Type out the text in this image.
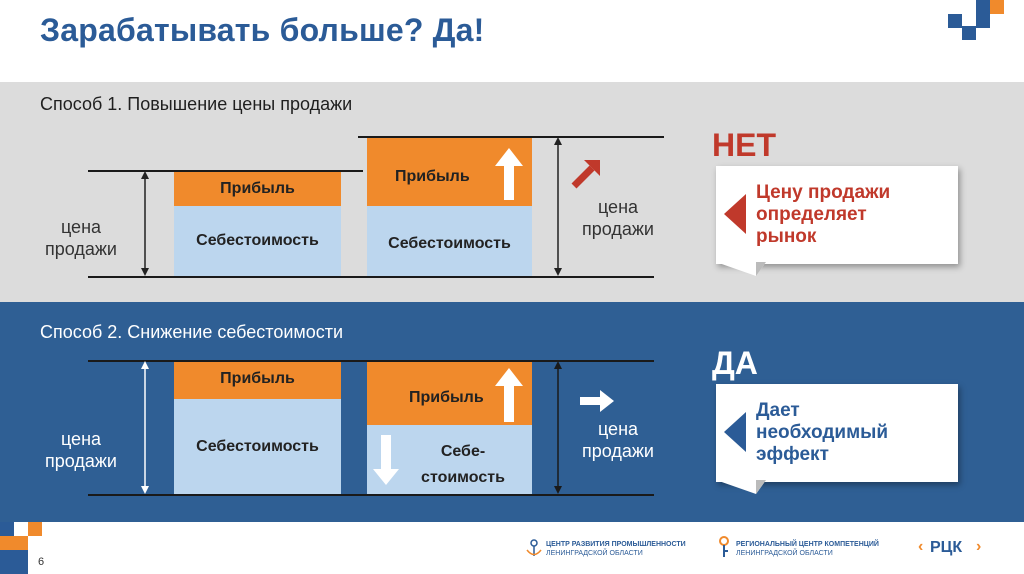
Зарабатывать больше? Да!
Способ 1. Повышение цены продажи
цена
продажи
Прибыль
Себестоимость
Прибыль
Себестоимость
цена
продажи
НЕТ
Цену продажи
определяет
рынок
Способ 2. Снижение себестоимости
цена
продажи
Прибыль
Себестоимость
Прибыль
Себе-
стоимость
цена
продажи
ДА
Дает
необходимый
эффект
6
ЦЕНТР РАЗВИТИЯ ПРОМЫШЛЕННОСТИ
ЛЕНИНГРАДСКОЙ ОБЛАСТИ
РЕГИОНАЛЬНЫЙ ЦЕНТР КОМПЕТЕНЦИЙ
ЛЕНИНГРАДСКОЙ ОБЛАСТИ	‹ РЦК ›
